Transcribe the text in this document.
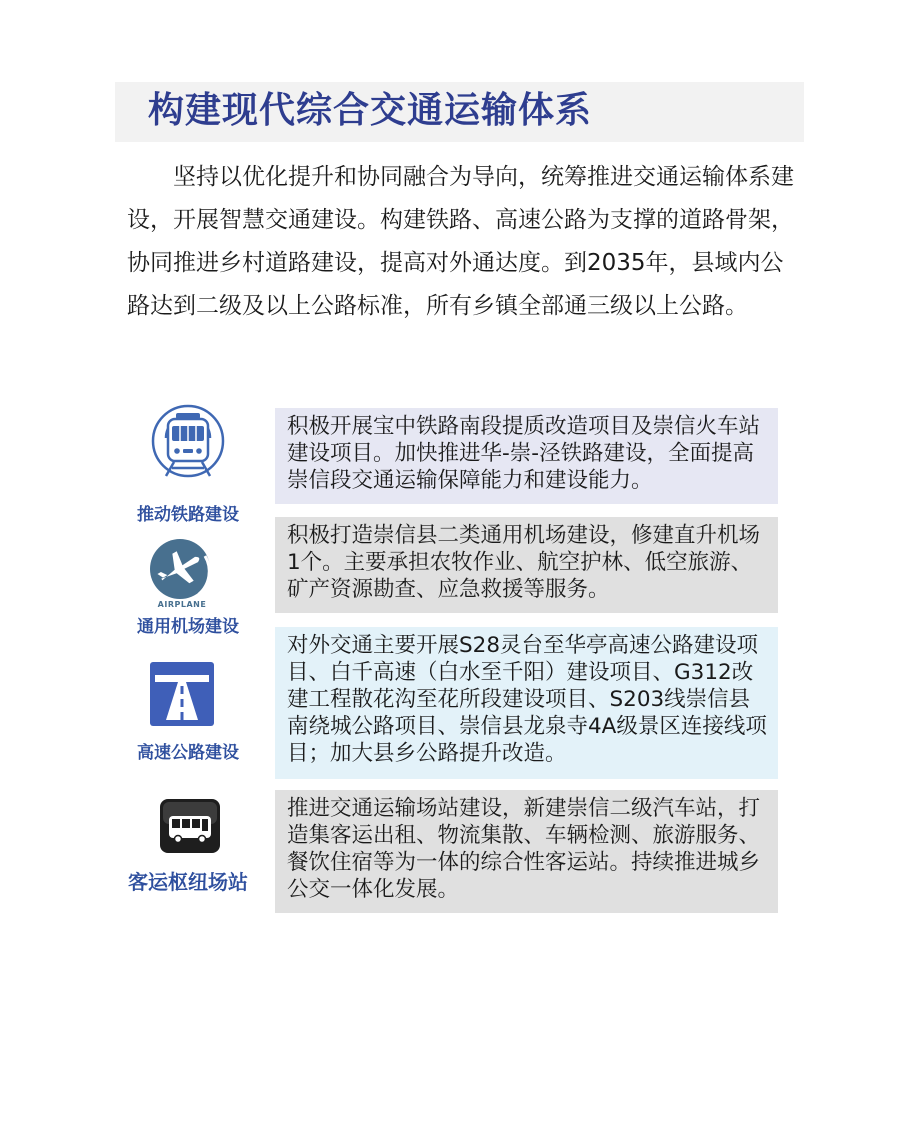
构建现代综合交通运输体系

坚持以优化提升和协同融合为导向，统筹推进交通运输体系建设，开展智慧交通建设。构建铁路、高速公路为支撑的道路骨架，协同推进乡村道路建设，提高对外通达度。到2035年，县域内公路达到二级及以上公路标准，所有乡镇全部通三级以上公路。

推动铁路建设

积极开展宝中铁路南段提质改造项目及崇信火车站建设项目。加快推进华-崇-泾铁路建设，全面提高崇信段交通运输保障能力和建设能力。

AIRPLANE
通用机场建设

积极打造崇信县二类通用机场建设，修建直升机场1个。主要承担农牧作业、航空护林、低空旅游、矿产资源勘查、应急救援等服务。

高速公路建设

对外交通主要开展S28灵台至华亭高速公路建设项目、白千高速（白水至千阳）建设项目、G312改建工程散花沟至花所段建设项目、S203线崇信县南绕城公路项目、崇信县龙泉寺4A级景区连接线项目；加大县乡公路提升改造。

客运枢纽场站

推进交通运输场站建设，新建崇信二级汽车站，打造集客运出租、物流集散、车辆检测、旅游服务、餐饮住宿等为一体的综合性客运站。持续推进城乡公交一体化发展。
